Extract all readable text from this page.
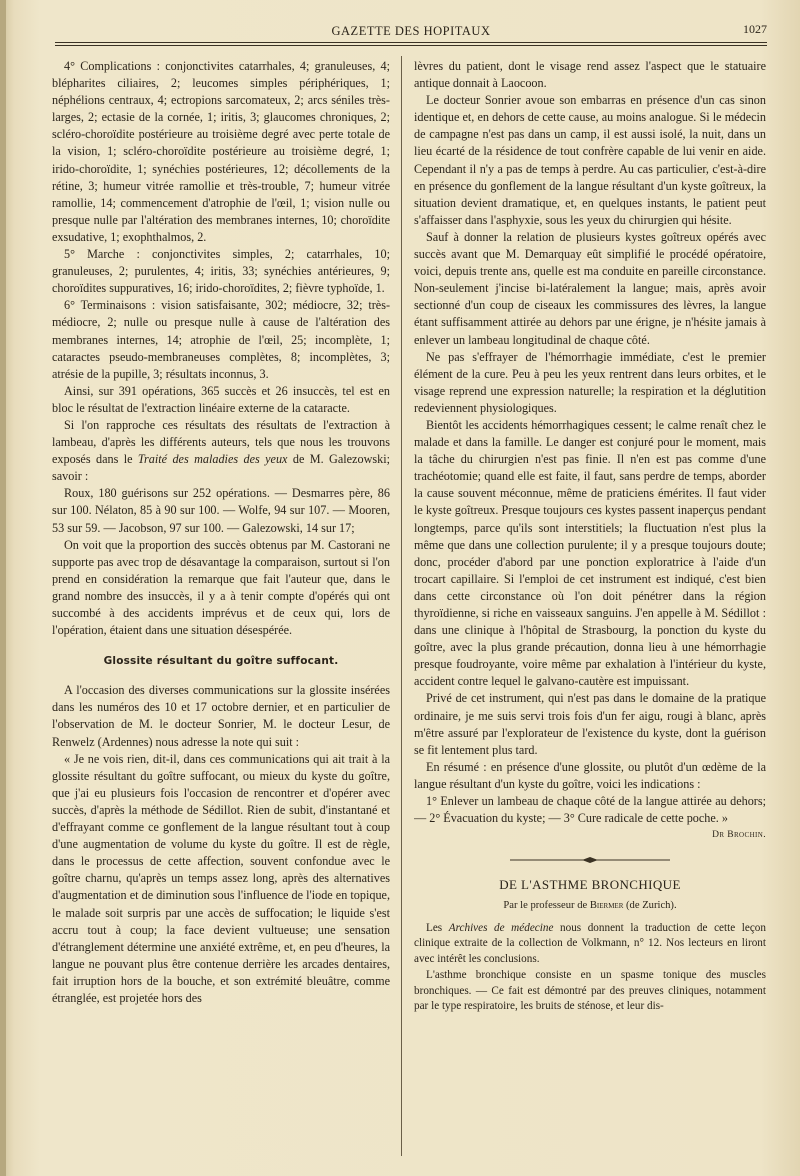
GAZETTE DES HOPITAUX	1027

4° Complications : conjonctivites catarrhales, 4; granuleuses, 4; blépharites ciliaires, 2; leucomes simples périphériques, 1; néphélions centraux, 4; ectropions sarcomateux, 2; arcs séniles très-larges, 2; ectasie de la cornée, 1; iritis, 3; glaucomes chroniques, 2; scléro-choroïdite postérieure au troisième degré avec perte totale de la vision, 1; scléro-choroïdite postérieure au troisième degré, 1; irido-choroïdite, 1; synéchies postérieures, 12; décollements de la rétine, 3; humeur vitrée ramollie et très-trouble, 7; humeur vitrée ramollie, 14; commencement d'atrophie de l'œil, 1; vision nulle ou presque nulle par l'altération des membranes internes, 10; choroïdite exsudative, 1; exophthalmos, 2.

5° Marche : conjonctivites simples, 2; catarrhales, 10; granuleuses, 2; purulentes, 4; iritis, 33; synéchies antérieures, 9; choroïdites suppuratives, 16; irido-choroïdites, 2; fièvre typhoïde, 1.

6° Terminaisons : vision satisfaisante, 302; médiocre, 32; très-médiocre, 2; nulle ou presque nulle à cause de l'altération des membranes internes, 14; atrophie de l'œil, 25; incomplète, 1; cataractes pseudo-membraneuses complètes, 8; incomplètes, 3; atrésie de la pupille, 3; résultats inconnus, 3.

Ainsi, sur 391 opérations, 365 succès et 26 insuccès, tel est en bloc le résultat de l'extraction linéaire externe de la cataracte.

Si l'on rapproche ces résultats des résultats de l'extraction à lambeau, d'après les différents auteurs, tels que nous les trouvons exposés dans le Traité des maladies des yeux de M. Galezowski; savoir :

Roux, 180 guérisons sur 252 opérations. — Desmarres père, 86 sur 100. Nélaton, 85 à 90 sur 100. — Wolfe, 94 sur 107. — Mooren, 53 sur 59. — Jacobson, 97 sur 100. — Galezowski, 14 sur 17;

On voit que la proportion des succès obtenus par M. Castorani ne supporte pas avec trop de désavantage la comparaison, surtout si l'on prend en considération la remarque que fait l'auteur que, dans le grand nombre des insuccès, il y a à tenir compte d'opérés qui ont succombé à des accidents imprévus et de ceux qui, lors de l'opération, étaient dans une situation désespérée.

Glossite résultant du goître suffocant.

A l'occasion des diverses communications sur la glossite insérées dans les numéros des 10 et 17 octobre dernier, et en particulier de l'observation de M. le docteur Sonrier, M. le docteur Lesur, de Renwelz (Ardennes) nous adresse la note qui suit :

« Je ne vois rien, dit-il, dans ces communications qui ait trait à la glossite résultant du goître suffocant, ou mieux du kyste du goître, que j'ai eu plusieurs fois l'occasion de rencontrer et d'opérer avec succès, d'après la méthode de Sédillot. Rien de subit, d'instantané et d'effrayant comme ce gonflement de la langue résultant tout à coup d'une augmentation de volume du kyste du goître. Il est de règle, dans le processus de cette affection, souvent confondue avec le goître charnu, qu'après un temps assez long, après des alternatives d'augmentation et de diminution sous l'influence de l'iode en topique, le malade soit surpris par une accès de suffocation; le liquide s'est accru tout à coup; la face devient vultueuse; une sensation d'étranglement détermine une anxiété extrême, et, en peu d'heures, la langue ne pouvant plus être contenue derrière les arcades dentaires, fait irruption hors de la bouche, et son extrémité bleuâtre, comme étranglée, est projetée hors des

lèvres du patient, dont le visage rend assez l'aspect que le statuaire antique donnait à Laocoon.

Le docteur Sonrier avoue son embarras en présence d'un cas sinon identique et, en dehors de cette cause, au moins analogue. Si le médecin de campagne n'est pas dans un camp, il est aussi isolé, la nuit, dans un lieu écarté de la résidence de tout confrère capable de lui venir en aide. Cependant il n'y a pas de temps à perdre. Au cas particulier, c'est-à-dire en présence du gonflement de la langue résultant d'un kyste goîtreux, la situation devient dramatique, et, en quelques instants, le patient peut s'affaisser dans l'asphyxie, sous les yeux du chirurgien qui hésite.

Sauf à donner la relation de plusieurs kystes goîtreux opérés avec succès avant que M. Demarquay eût simplifié le procédé opératoire, voici, depuis trente ans, quelle est ma conduite en pareille circonstance. Non-seulement j'incise bi-latéralement la langue; mais, après avoir sectionné d'un coup de ciseaux les commissures des lèvres, la langue étant suffisamment attirée au dehors par une érigne, je n'hésite jamais à enlever un lambeau longitudinal de chaque côté.

Ne pas s'effrayer de l'hémorrhagie immédiate, c'est le premier élément de la cure. Peu à peu les yeux rentrent dans leurs orbites, et le visage reprend une expression naturelle; la respiration et la déglutition redeviennent physiologiques.

Bientôt les accidents hémorrhagiques cessent; le calme renaît chez le malade et dans la famille. Le danger est conjuré pour le moment, mais la tâche du chirurgien n'est pas finie. Il n'en est pas comme d'une trachéotomie; quand elle est faite, il faut, sans perdre de temps, aborder la cause souvent méconnue, même de praticiens émérites. Il faut vider le kyste goîtreux. Presque toujours ces kystes passent inaperçus pendant longtemps, parce qu'ils sont interstitiels; la fluctuation n'est plus la même que dans une collection purulente; il y a presque toujours doute; donc, procéder d'abord par une ponction exploratrice à l'aide d'un trocart capillaire. Si l'emploi de cet instrument est indiqué, c'est bien dans cette circonstance où l'on doit pénétrer dans la région thyroïdienne, si riche en vaisseaux sanguins. J'en appelle à M. Sédillot : dans une clinique à l'hôpital de Strasbourg, la ponction du kyste du goître, avec la plus grande précaution, donna lieu à une hémorrhagie presque foudroyante, voire même par exhalation à l'intérieur du kyste, accident contre lequel le galvano-cautère est impuissant.

Privé de cet instrument, qui n'est pas dans le domaine de la pratique ordinaire, je me suis servi trois fois d'un fer aigu, rougi à blanc, après m'être assuré par l'explorateur de l'existence du kyste, dont la guérison se fit lentement plus tard.

En résumé : en présence d'une glossite, ou plutôt d'un œdème de la langue résultant d'un kyste du goître, voici les indications :

1° Enlever un lambeau de chaque côté de la langue attirée au dehors; — 2° Évacuation du kyste; — 3° Cure radicale de cette poche. »

Dr Brochin.
DE L'ASTHME BRONCHIQUE
Par le professeur de Biermer (de Zurich).

Les Archives de médecine nous donnent la traduction de cette leçon clinique extraite de la collection de Volkmann, n° 12. Nos lecteurs en liront avec intérêt les conclusions.

L'asthme bronchique consiste en un spasme tonique des muscles bronchiques. — Ce fait est démontré par des preuves cliniques, notamment par le type respiratoire, les bruits de sténose, et leur dis-
